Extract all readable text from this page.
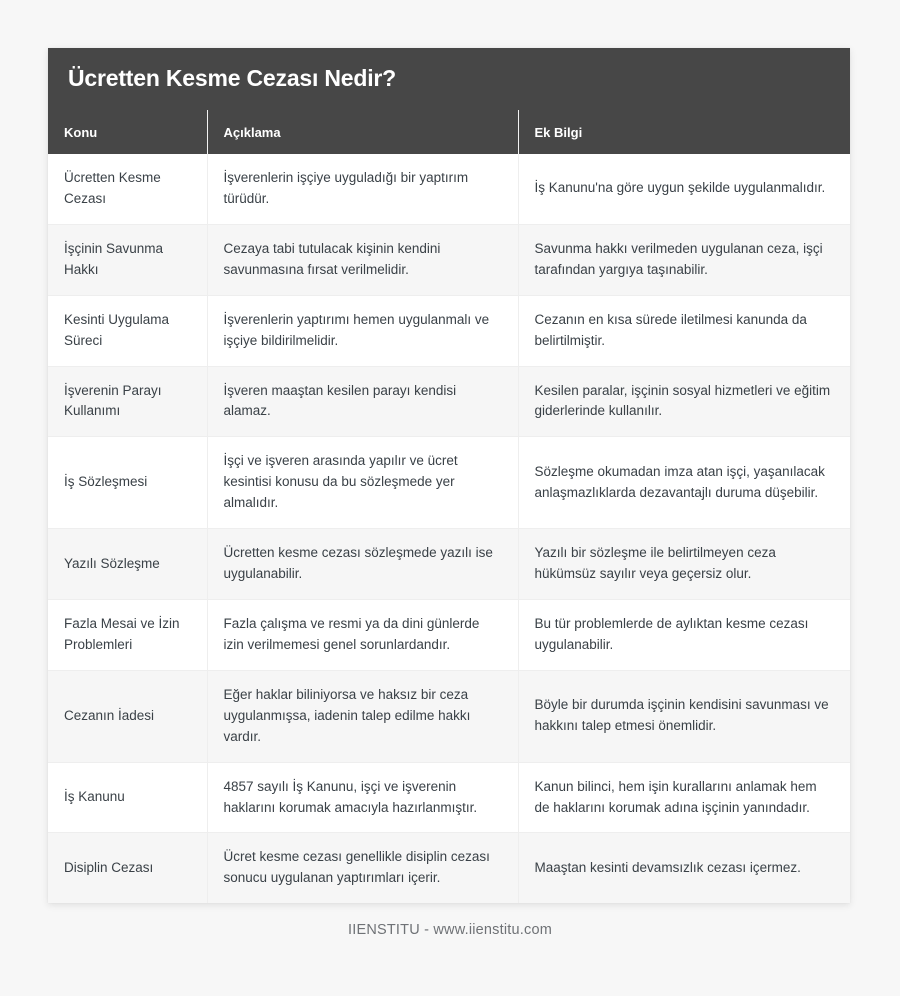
Ücretten Kesme Cezası Nedir?
Konu	Açıklama	Ek Bilgi
Ücretten Kesme Cezası	İşverenlerin işçiye uyguladığı bir yaptırım türüdür.	İş Kanunu'na göre uygun şekilde uygulanmalıdır.
İşçinin Savunma Hakkı	Cezaya tabi tutulacak kişinin kendini savunmasına fırsat verilmelidir.	Savunma hakkı verilmeden uygulanan ceza, işçi tarafından yargıya taşınabilir.
Kesinti Uygulama Süreci	İşverenlerin yaptırımı hemen uygulanmalı ve işçiye bildirilmelidir.	Cezanın en kısa sürede iletilmesi kanunda da belirtilmiştir.
İşverenin Parayı Kullanımı	İşveren maaştan kesilen parayı kendisi alamaz.	Kesilen paralar, işçinin sosyal hizmetleri ve eğitim giderlerinde kullanılır.
İş Sözleşmesi	İşçi ve işveren arasında yapılır ve ücret kesintisi konusu da bu sözleşmede yer almalıdır.	Sözleşme okumadan imza atan işçi, yaşanılacak anlaşmazlıklarda dezavantajlı duruma düşebilir.
Yazılı Sözleşme	Ücretten kesme cezası sözleşmede yazılı ise uygulanabilir.	Yazılı bir sözleşme ile belirtilmeyen ceza hükümsüz sayılır veya geçersiz olur.
Fazla Mesai ve İzin Problemleri	Fazla çalışma ve resmi ya da dini günlerde izin verilmemesi genel sorunlardandır.	Bu tür problemlerde de aylıktan kesme cezası uygulanabilir.
Cezanın İadesi	Eğer haklar biliniyorsa ve haksız bir ceza uygulanmışsa, iadenin talep edilme hakkı vardır.	Böyle bir durumda işçinin kendisini savunması ve hakkını talep etmesi önemlidir.
İş Kanunu	4857 sayılı İş Kanunu, işçi ve işverenin haklarını korumak amacıyla hazırlanmıştır.	Kanun bilinci, hem işin kurallarını anlamak hem de haklarını korumak adına işçinin yanındadır.
Disiplin Cezası	Ücret kesme cezası genellikle disiplin cezası sonucu uygulanan yaptırımları içerir.	Maaştan kesinti devamsızlık cezası içermez.
IIENSTITU - www.iienstitu.com
